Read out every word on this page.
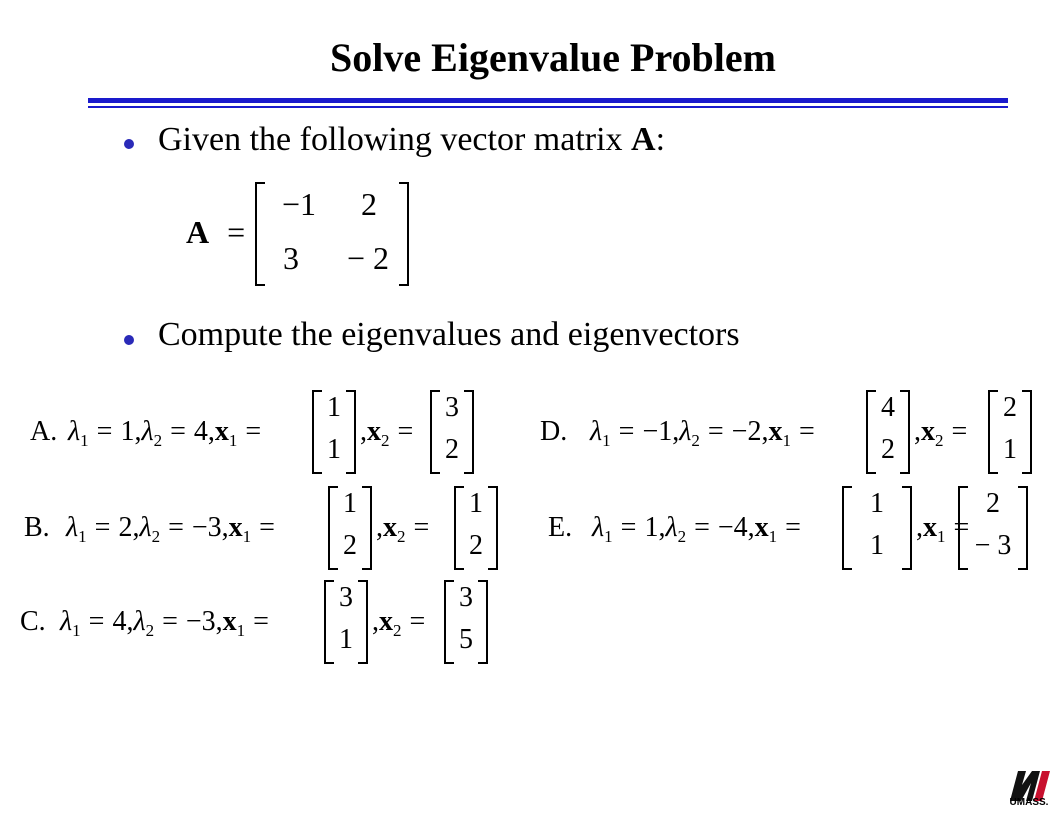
Solve Eigenvalue Problem
Given the following vector matrix A:
A =
−1	2
3	− 2
Compute the eigenvalues and eigenvectors
A. $\lambda_1 = 1,\lambda_2 = 4,x_1$ =
1
1
$,x_2$ =
3
2
B. $\lambda_1 = 2,\lambda_2 = -3,x_1$ =
1
2
$,x_2$ =
1
2
C. $\lambda_1 = 4,\lambda_2 = -3,x_1$ =
3
1
$,x_2$ =
3
5
D. $\lambda_1 = -1,\lambda_2 = -2,x_1$ =
4
2
$,x_2$ =
2
1
E. $\lambda_1 = 1,\lambda_2 = -4,x_1$ =
1
1
$,x_1$ =
2
− 3
UMASS.
